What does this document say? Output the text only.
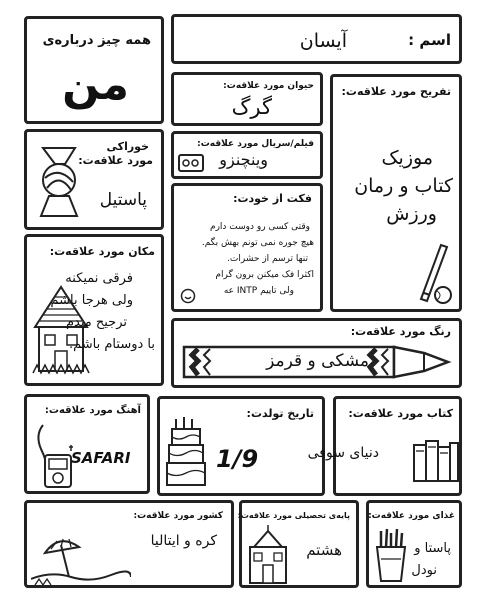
همه چیز درباره‌ی
من
اسم :
آیسان
حیوان مورد علاقه‌ت:
گرگ
فیلم/سریال مورد علاقه‌ت:
وینچنزو
تفریح مورد علاقه‌ت:
موزیک
کتاب و رمان
ورزش
خوراکی
مورد علاقه‌ت:
پاستیل	فکت از خودت:
وقتی کسی رو دوست دارم
هیچ جوره نمی تونم بهش بگم.
تنها ترسم از حشرات.
اکثرا فک میکنن برون گرام
ولی تاییم INTP عه
مکان مورد علاقه‌ت:
فرقی نمیکنه
ولی هرجا باشم
ترجیح میدم
با دوستام باشم.
رنگ مورد علاقه‌ت:
مشکی و قرمز
آهنگ مورد علاقه‌ت:
SAFARI
تاریخ تولدت:
1/9
کتاب مورد علاقه‌ت:
دنیای سوفی
کشور مورد علاقه‌ت:
کره و ایتالیا
پایه‌ی تحصیلی مورد علاقه‌ت:
هشتم
غذای مورد علاقه‌ت:
پاستا و
نودل
